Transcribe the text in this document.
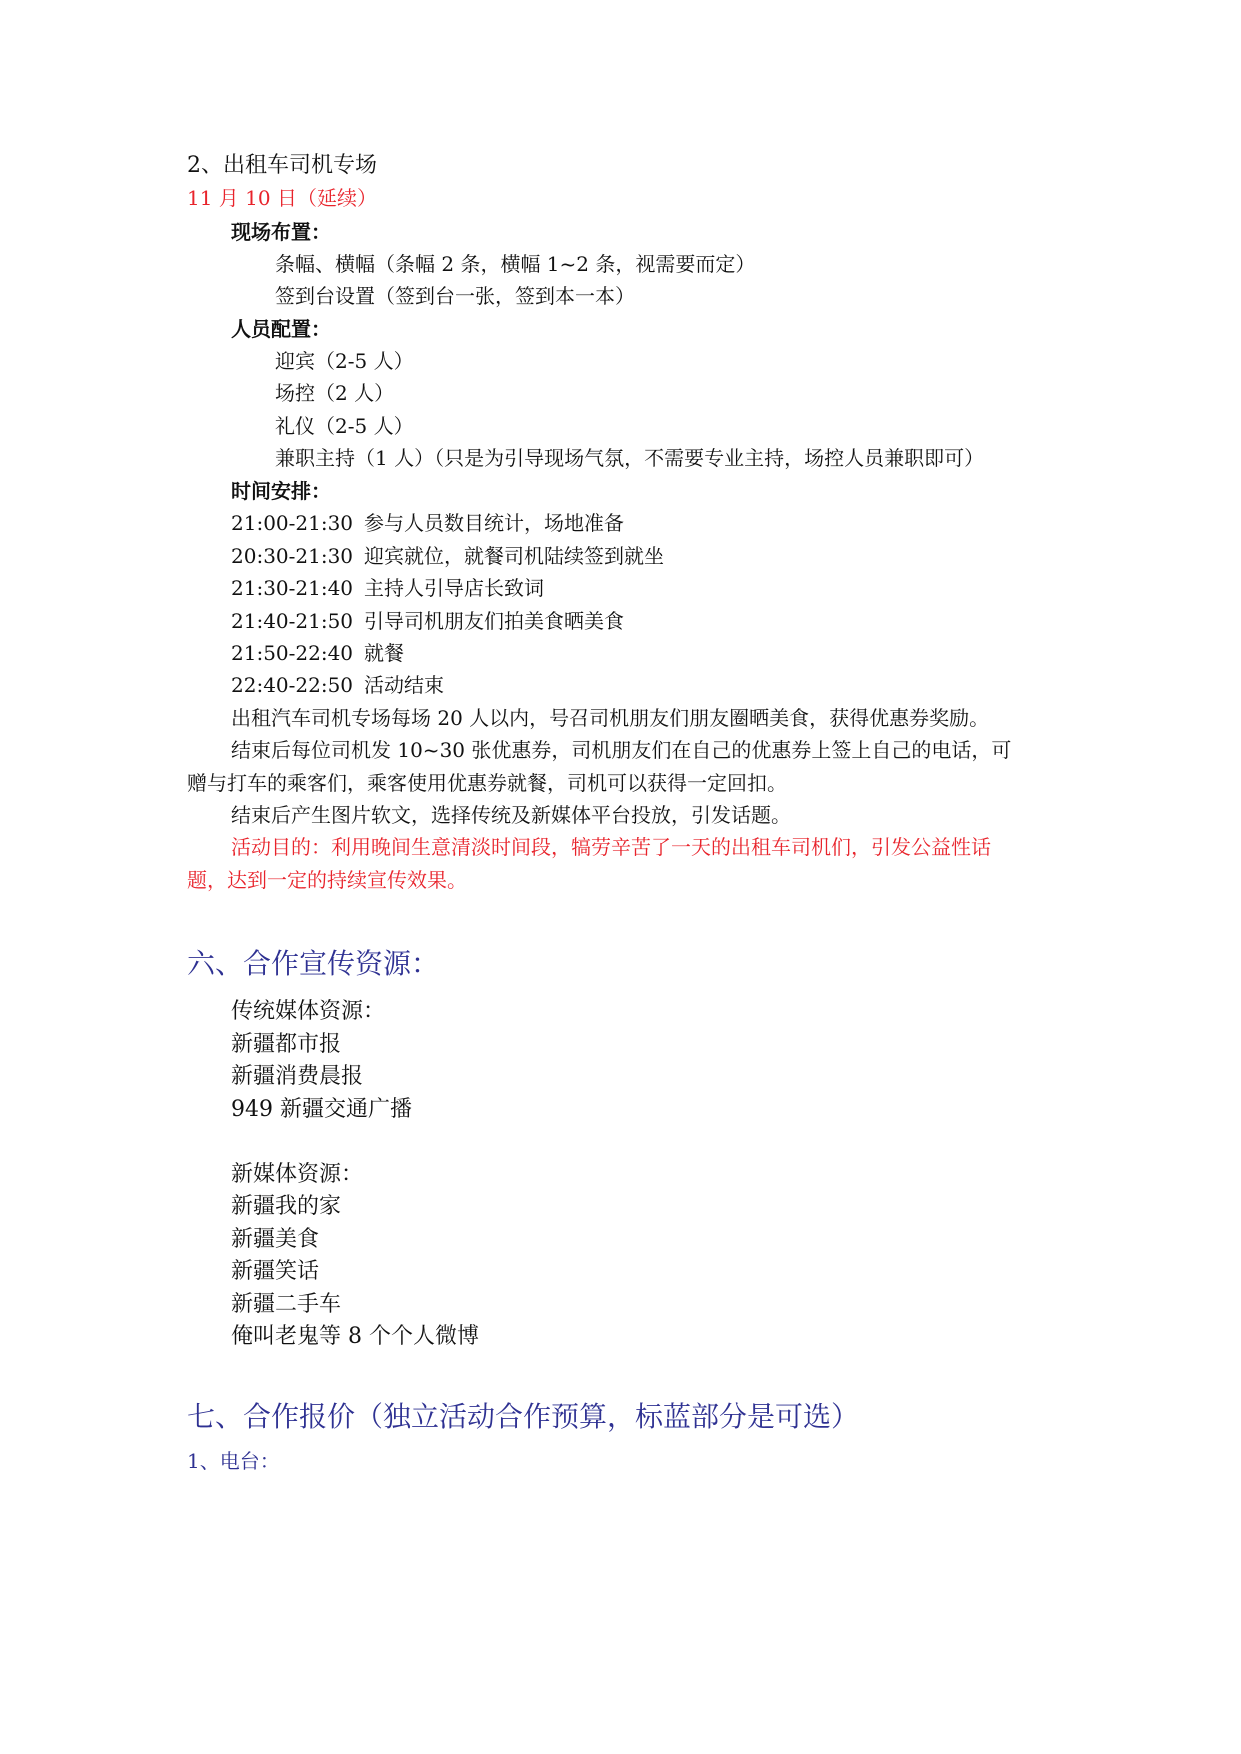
2、出租车司机专场
11 月 10 日（延续）
现场布置：
条幅、横幅（条幅 2 条，横幅 1~2 条，视需要而定）
签到台设置（签到台一张，签到本一本）
人员配置：
迎宾（2-5 人）
场控（2 人）
礼仪（2-5 人）
兼职主持（1 人）（只是为引导现场气氛，不需要专业主持，场控人员兼职即可）
时间安排：
21:00-21:30 参与人员数目统计，场地准备
20:30-21:30 迎宾就位，就餐司机陆续签到就坐
21:30-21:40 主持人引导店长致词
21:40-21:50 引导司机朋友们拍美食晒美食
21:50-22:40 就餐
22:40-22:50 活动结束
出租汽车司机专场每场 20 人以内，号召司机朋友们朋友圈晒美食，获得优惠券奖励。
结束后每位司机发 10~30 张优惠券，司机朋友们在自己的优惠券上签上自己的电话，可
赠与打车的乘客们，乘客使用优惠券就餐，司机可以获得一定回扣。
结束后产生图片软文，选择传统及新媒体平台投放，引发话题。
活动目的：利用晚间生意清淡时间段，犒劳辛苦了一天的出租车司机们，引发公益性话
题，达到一定的持续宣传效果。
六、合作宣传资源：
传统媒体资源：
新疆都市报
新疆消费晨报
949 新疆交通广播
新媒体资源：
新疆我的家
新疆美食
新疆笑话
新疆二手车
俺叫老鬼等 8 个个人微博
七、合作报价（独立活动合作预算，标蓝部分是可选）
1、电台：
